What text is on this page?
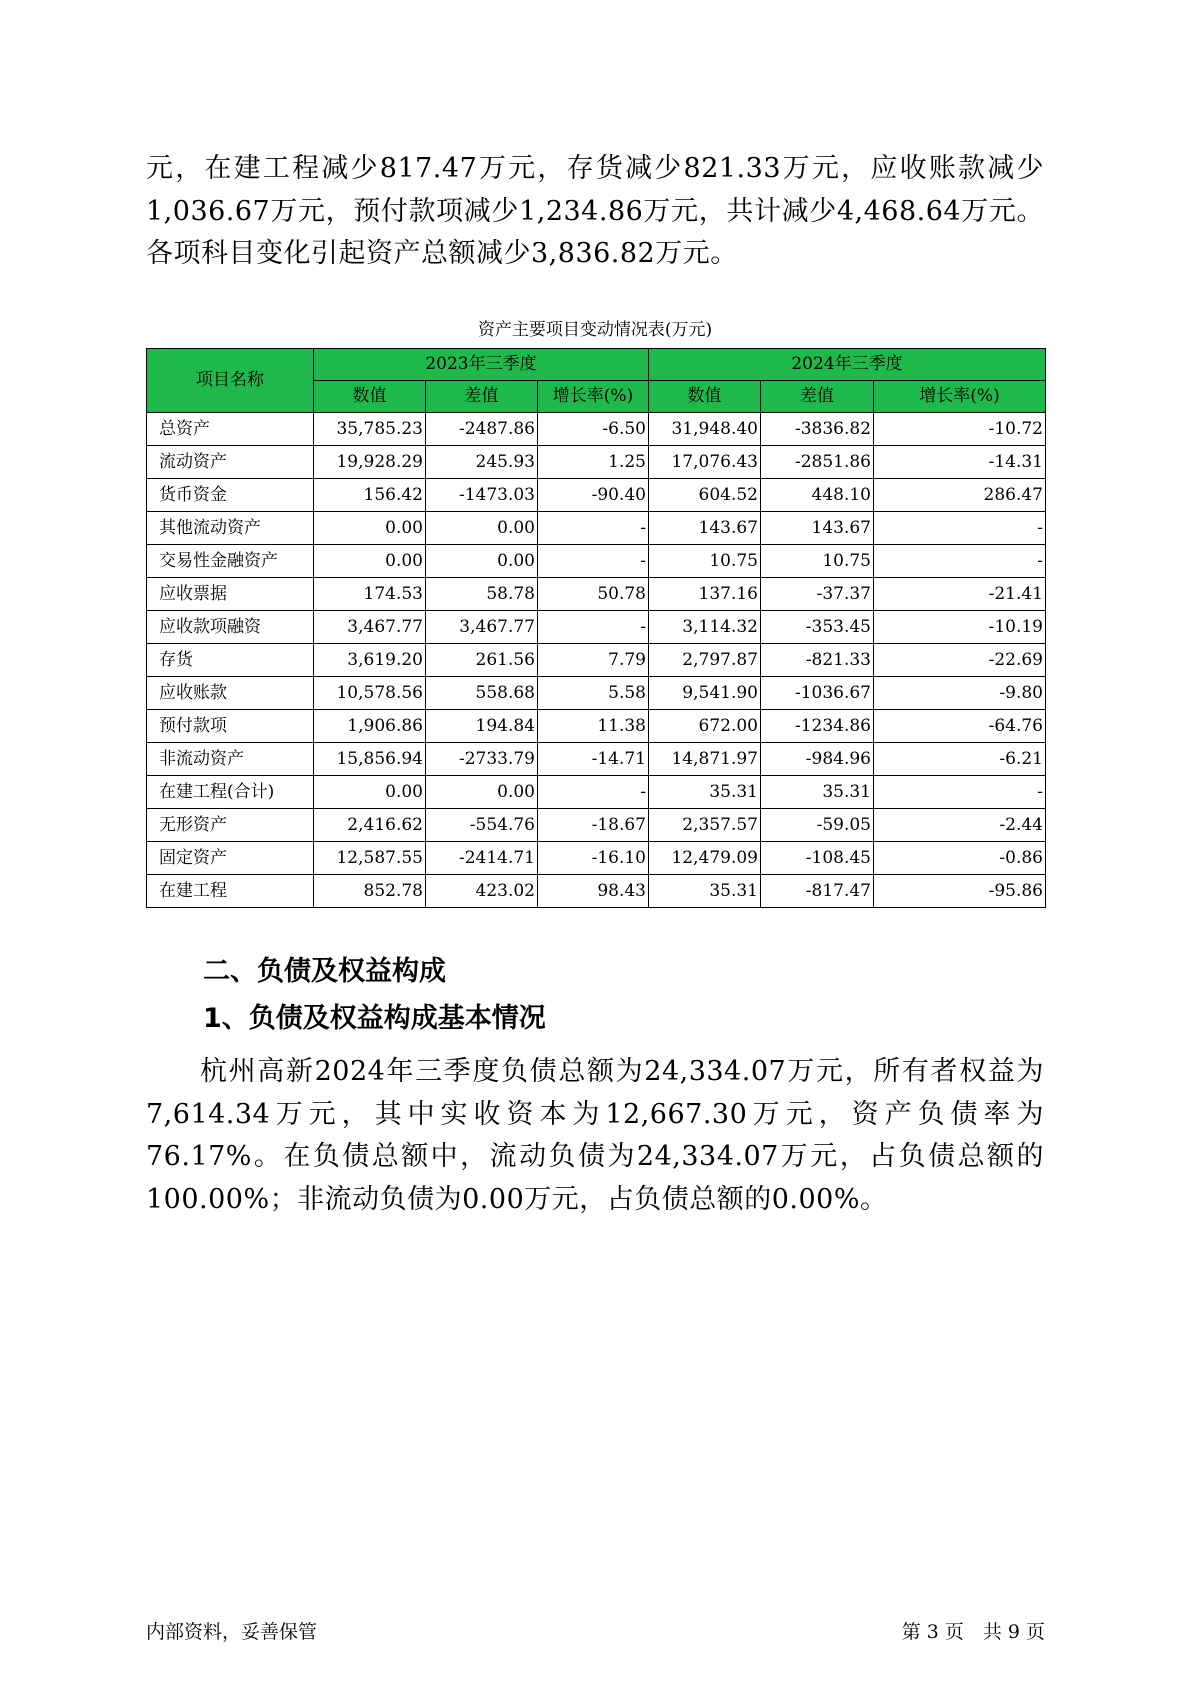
元，在建工程减少817.47万元，存货减少821.33万元，应收账款减少1,036.67万元，预付款项减少1,234.86万元，共计减少4,468.64万元。各项科目变化引起资产总额减少3,836.82万元。

资产主要项目变动情况表(万元)
项目名称	2023年三季度			2024年三季度		
	数值	差值	增长率(%)	数值	差值	增长率(%)
总资产	35,785.23	-2487.86	-6.50	31,948.40	-3836.82	-10.72
流动资产	19,928.29	245.93	1.25	17,076.43	-2851.86	-14.31
货币资金	156.42	-1473.03	-90.40	604.52	448.10	286.47
其他流动资产	0.00	0.00	-	143.67	143.67	-
交易性金融资产	0.00	0.00	-	10.75	10.75	-
应收票据	174.53	58.78	50.78	137.16	-37.37	-21.41
应收款项融资	3,467.77	3,467.77	-	3,114.32	-353.45	-10.19
存货	3,619.20	261.56	7.79	2,797.87	-821.33	-22.69
应收账款	10,578.56	558.68	5.58	9,541.90	-1036.67	-9.80
预付款项	1,906.86	194.84	11.38	672.00	-1234.86	-64.76
非流动资产	15,856.94	-2733.79	-14.71	14,871.97	-984.96	-6.21
在建工程(合计)	0.00	0.00	-	35.31	35.31	-
无形资产	2,416.62	-554.76	-18.67	2,357.57	-59.05	-2.44
固定资产	12,587.55	-2414.71	-16.10	12,479.09	-108.45	-0.86
在建工程	852.78	423.02	98.43	35.31	-817.47	-95.86
二、负债及权益构成
1、负债及权益构成基本情况

杭州高新2024年三季度负债总额为24,334.07万元，所有者权益为7,614.34万元，其中实收资本为12,667.30万元，资产负债率为76.17%。在负债总额中，流动负债为24,334.07万元，占负债总额的100.00%；非流动负债为0.00万元，占负债总额的0.00%。

内部资料，妥善保管	第 3 页　共 9 页
